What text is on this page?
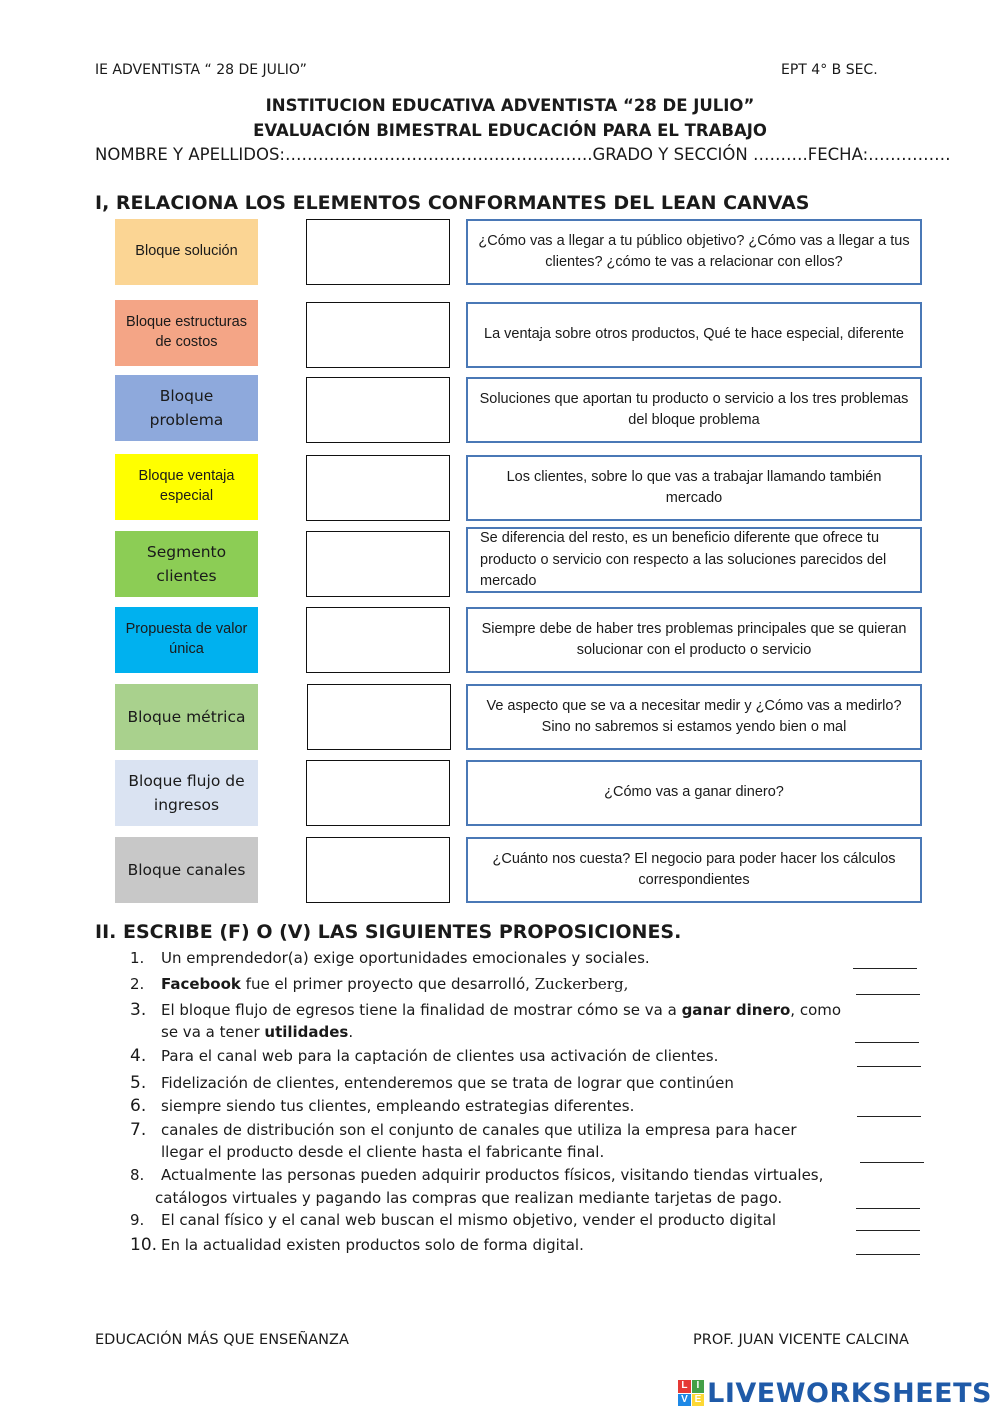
IE ADVENTISTA “ 28 DE JULIO”	EPT 4° B SEC.
INSTITUCION EDUCATIVA ADVENTISTA “28 DE JULIO”
EVALUACIÓN BIMESTRAL EDUCACIÓN PARA EL TRABAJO
NOMBRE Y APELLIDOS:………………………………………………..GRADO Y SECCIÓN ……….FECHA:……………
I, RELACIONA LOS ELEMENTOS CONFORMANTES DEL LEAN CANVAS
Bloque solución
Bloque estructuras de costos
Bloque problema
Bloque ventaja especial
Segmento clientes
Propuesta de valor única
Bloque métrica
Bloque flujo de ingresos
Bloque canales
¿Cómo vas a llegar a tu público objetivo? ¿Cómo vas a llegar a tus clientes? ¿cómo te vas a relacionar con ellos?
La ventaja sobre otros productos, Qué te hace especial, diferente
Soluciones que aportan tu producto o servicio a los tres problemas del bloque problema
Los clientes, sobre lo que vas a trabajar llamando también mercado
Se diferencia del resto, es un beneficio diferente que ofrece tu producto o servicio con respecto a las soluciones parecidos del mercado
Siempre debe de haber tres problemas principales que se quieran solucionar con el producto o servicio
Ve aspecto que se va a necesitar medir y ¿Cómo vas a medirlo? Sino no sabremos si estamos yendo bien o mal
¿Cómo vas a ganar dinero?
¿Cuánto nos cuesta? El negocio para poder hacer los cálculos correspondientes
II. ESCRIBE (F) O (V) LAS SIGUIENTES PROPOSICIONES.
1. Un emprendedor(a) exige oportunidades emocionales y sociales.
2. Facebook fue el primer proyecto que desarrolló, Zuckerberg,
3. El bloque flujo de egresos tiene la finalidad de mostrar cómo se va a ganar dinero, como
se va a tener utilidades.
4. Para el canal web para la captación de clientes usa activación de clientes.
5. Fidelización de clientes, entenderemos que se trata de lograr que continúen
6. siempre siendo tus clientes, empleando estrategias diferentes.
7. canales de distribución son el conjunto de canales que utiliza la empresa para hacer
llegar el producto desde el cliente hasta el fabricante final.
8. Actualmente las personas pueden adquirir productos físicos, visitando tiendas virtuales,
catálogos virtuales y pagando las compras que realizan mediante tarjetas de pago.
9. El canal físico y el canal web buscan el mismo objetivo, vender el producto digital
10. En la actualidad existen productos solo de forma digital.
EDUCACIÓN MÁS QUE ENSEÑANZA	PROF. JUAN VICENTE CALCINA
L I
V E LIVEWORKSHEETS
